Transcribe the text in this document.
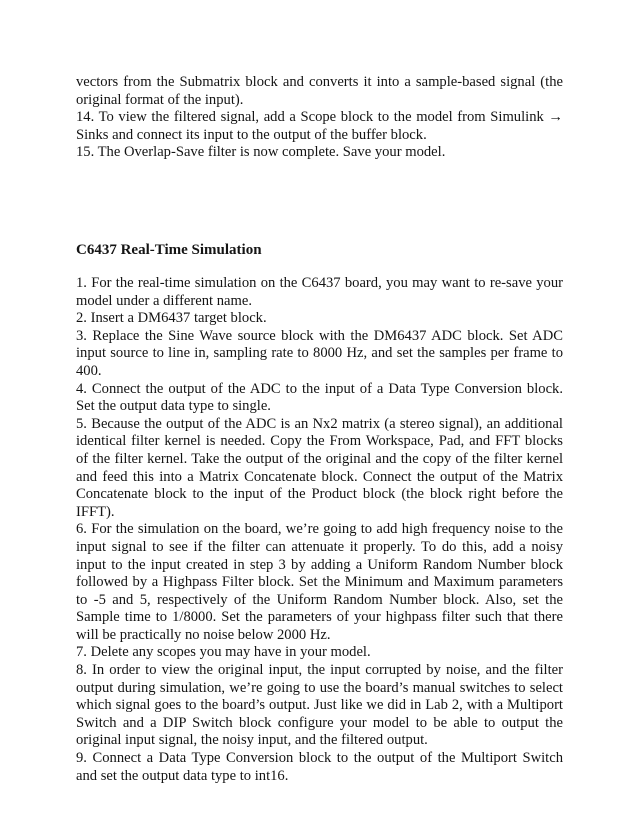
vectors from the Submatrix block and converts it into a sample-based signal (the original format of the input).

14. To view the filtered signal, add a Scope block to the model from Simulink → Sinks and connect its input to the output of the buffer block.

15. The Overlap-Save filter is now complete. Save your model.

C6437 Real-Time Simulation

1. For the real-time simulation on the C6437 board, you may want to re-save your model under a different name.

2. Insert a DM6437 target block.

3. Replace the Sine Wave source block with the DM6437 ADC block. Set ADC input source to line in, sampling rate to 8000 Hz, and set the samples per frame to 400.

4. Connect the output of the ADC to the input of a Data Type Conversion block. Set the output data type to single.

5. Because the output of the ADC is an Nx2 matrix (a stereo signal), an additional identical filter kernel is needed. Copy the From Workspace, Pad, and FFT blocks of the filter kernel. Take the output of the original and the copy of the filter kernel and feed this into a Matrix Concatenate block. Connect the output of the Matrix Concatenate block to the input of the Product block (the block right before the IFFT).

6. For the simulation on the board, we’re going to add high frequency noise to the input signal to see if the filter can attenuate it properly. To do this, add a noisy input to the input created in step 3 by adding a Uniform Random Number block followed by a Highpass Filter block. Set the Minimum and Maximum parameters to -5 and 5, respectively of the Uniform Random Number block. Also, set the Sample time to 1/8000. Set the parameters of your highpass filter such that there will be practically no noise below 2000 Hz.

7. Delete any scopes you may have in your model.

8. In order to view the original input, the input corrupted by noise, and the filter output during simulation, we’re going to use the board’s manual switches to select which signal goes to the board’s output. Just like we did in Lab 2, with a Multiport Switch and a DIP Switch block configure your model to be able to output the original input signal, the noisy input, and the filtered output.

9. Connect a Data Type Conversion block to the output of the Multiport Switch and set the output data type to int16.
